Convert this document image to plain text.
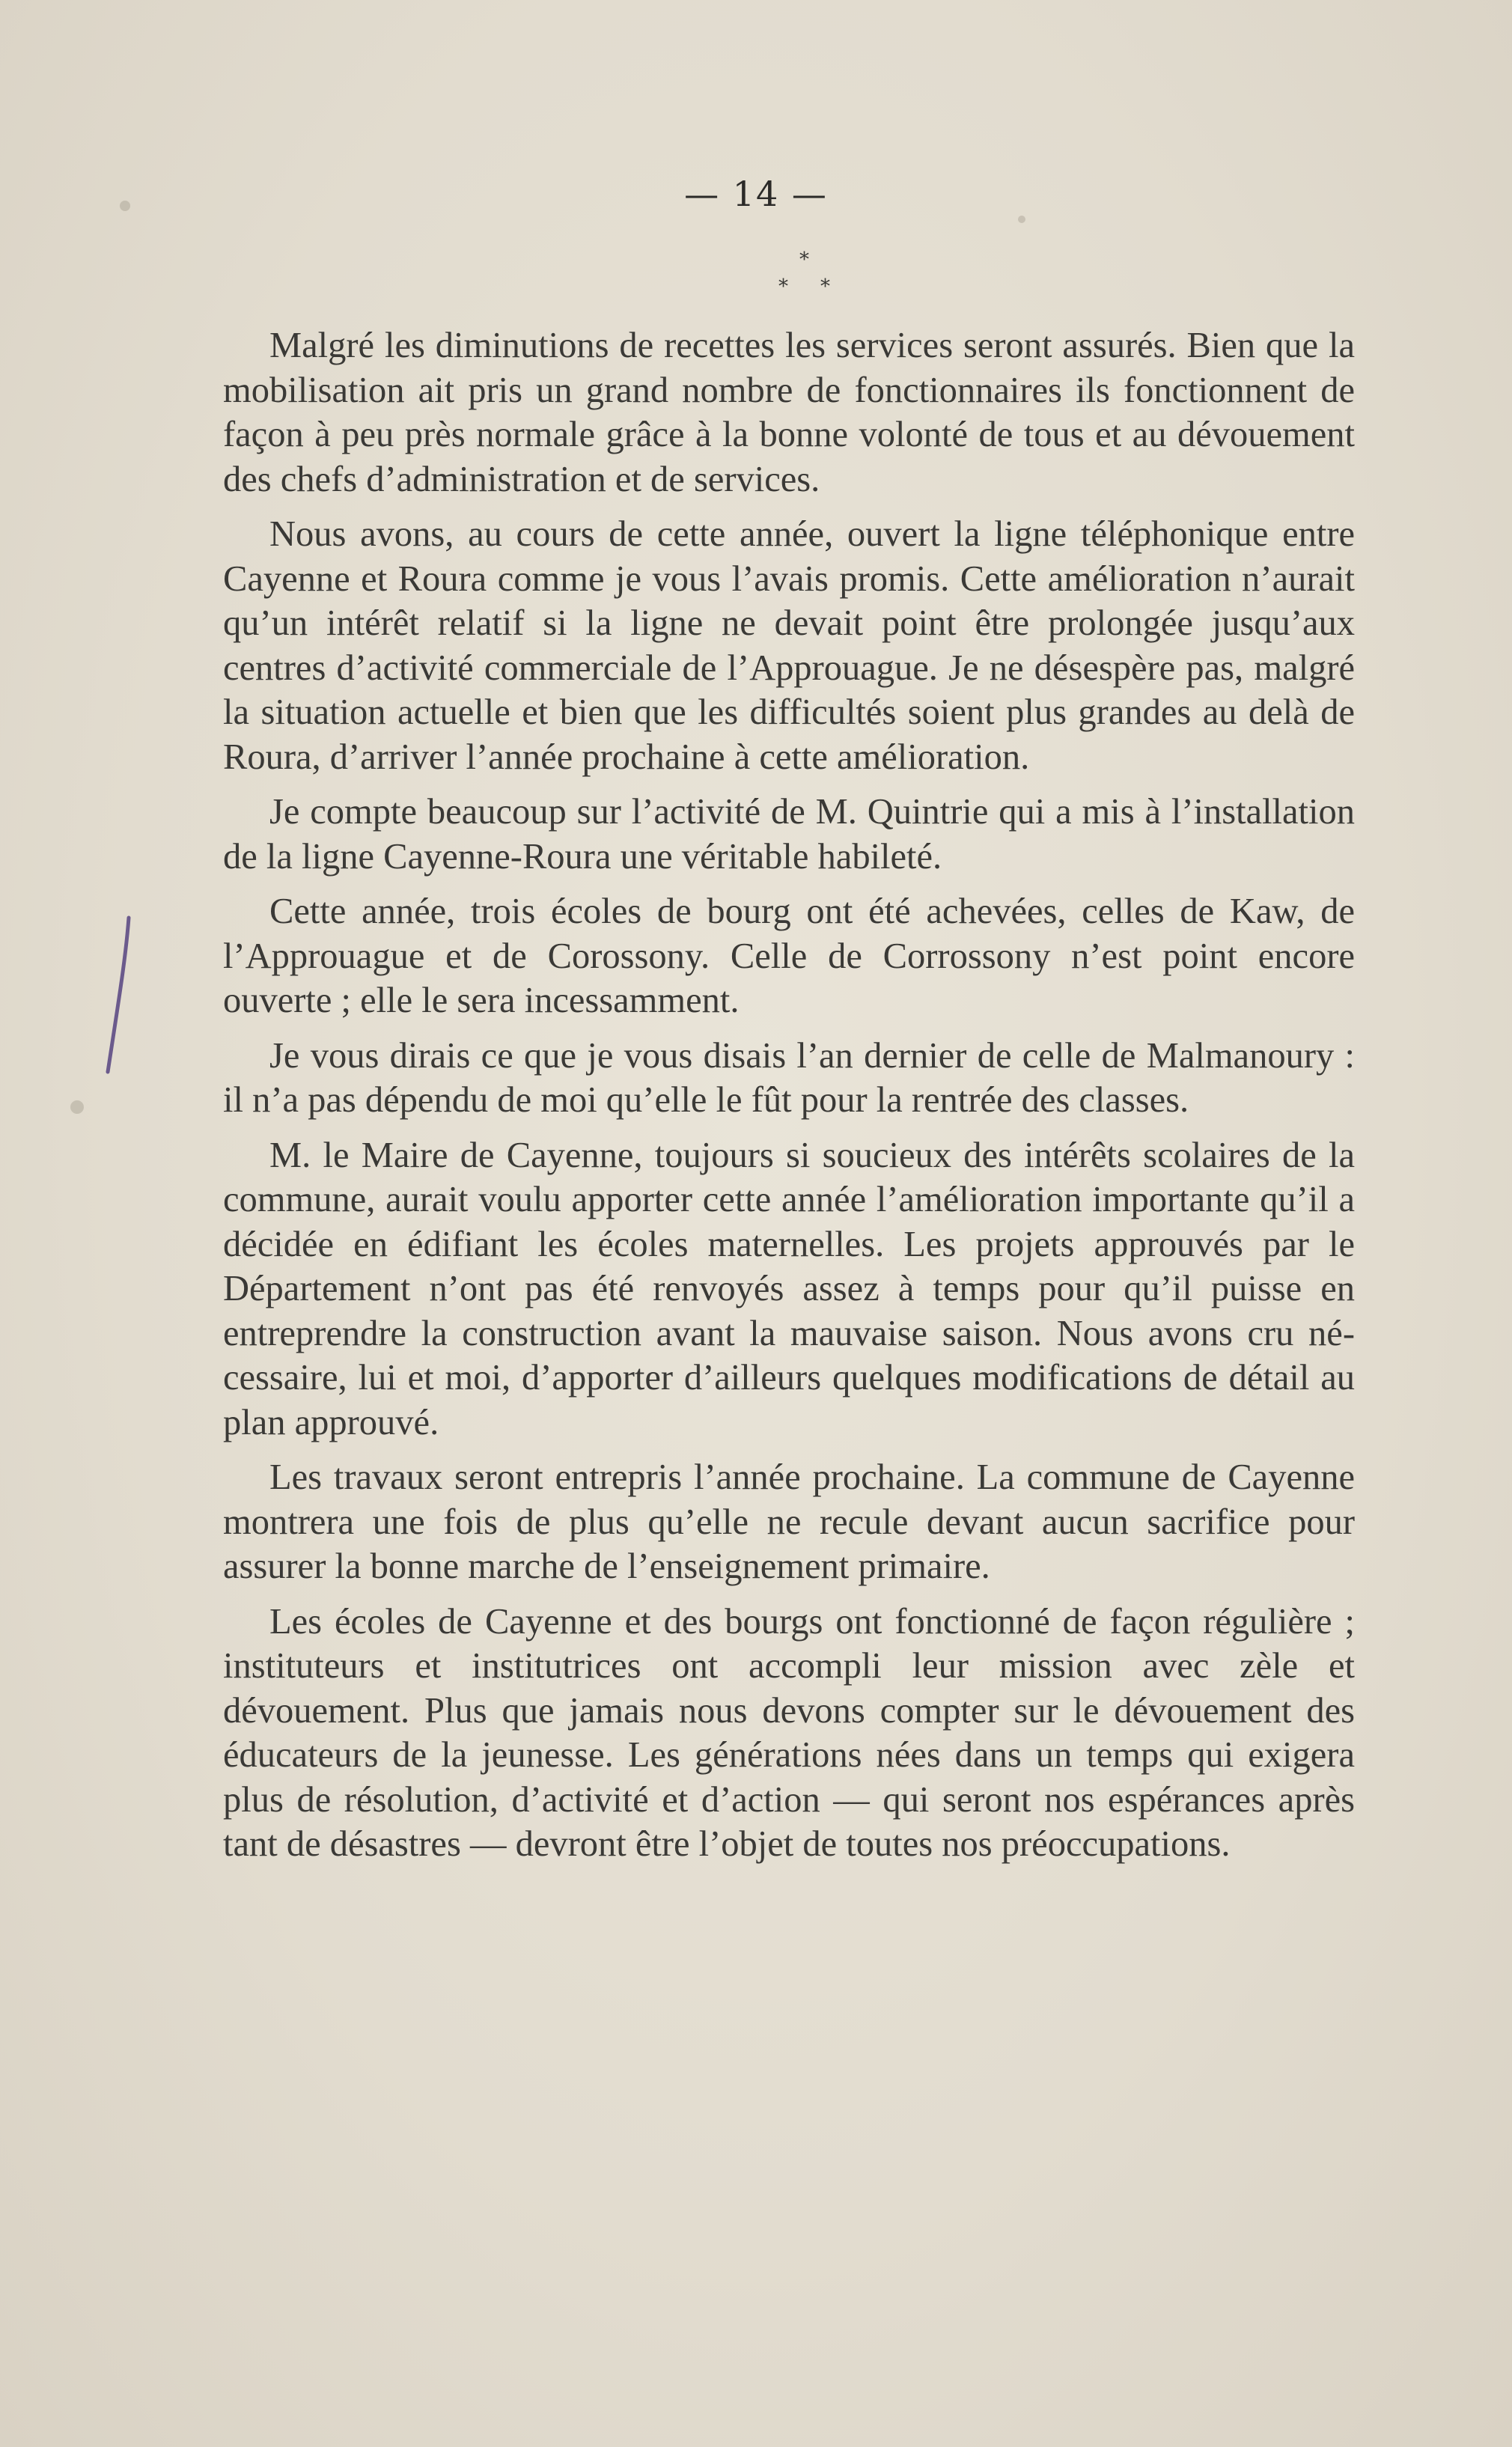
— 14 —
*
* *

Malgré les diminutions de recettes les services seront assurés. Bien que la mobilisation ait pris un grand nombre de fonctionnaires ils fonctionnent de façon à peu près normale grâce à la bonne volonté de tous et au dévouement des chefs d’administration et de services.

Nous avons, au cours de cette année, ouvert la ligne téléphonique entre Cayenne et Roura comme je vous l’avais promis. Cette amélioration n’aurait qu’un intérêt relatif si la ligne ne devait point être prolongée jusqu’aux centres d’activité commerciale de l’Approuague. Je ne désespère pas, malgré la situation actuelle et bien que les difficultés soient plus grandes au delà de Roura, d’arriver l’année prochaine à cette amélioration.

Je compte beaucoup sur l’activité de M. Quintrie qui a mis à l’installation de la ligne Cayenne-Roura une véritable habileté.

Cette année, trois écoles de bourg ont été achevées, celles de Kaw, de l’Approuague et de Corossony. Celle de Corrossony n’est point encore ouverte ; elle le sera incessamment.

Je vous dirais ce que je vous disais l’an dernier de celle de Malmanoury : il n’a pas dépendu de moi qu’elle le fût pour la rentrée des classes.

M. le Maire de Cayenne, toujours si soucieux des intérêts scolaires de la commune, aurait voulu apporter cette année l’amélioration importante qu’il a décidée en édifiant les écoles maternelles. Les projets approuvés par le Département n’ont pas été renvoyés assez à temps pour qu’il puisse en entreprendre la construction avant la mauvaise saison. Nous avons cru nécessaire, lui et moi, d’apporter d’ailleurs quelques modifications de détail au plan approuvé.

Les travaux seront entrepris l’année prochaine. La commune de Cayenne montrera une fois de plus qu’elle ne recule devant aucun sacrifice pour assurer la bonne marche de l’enseignement primaire.

Les écoles de Cayenne et des bourgs ont fonctionné de façon régulière ; instituteurs et institutrices ont accompli leur mission avec zèle et dévouement. Plus que jamais nous devons compter sur le dévouement des éducateurs de la jeunesse. Les générations nées dans un temps qui exigera plus de résolution, d’activité et d’action — qui seront nos espérances après tant de désastres — devront être l’objet de toutes nos préoccupations.
